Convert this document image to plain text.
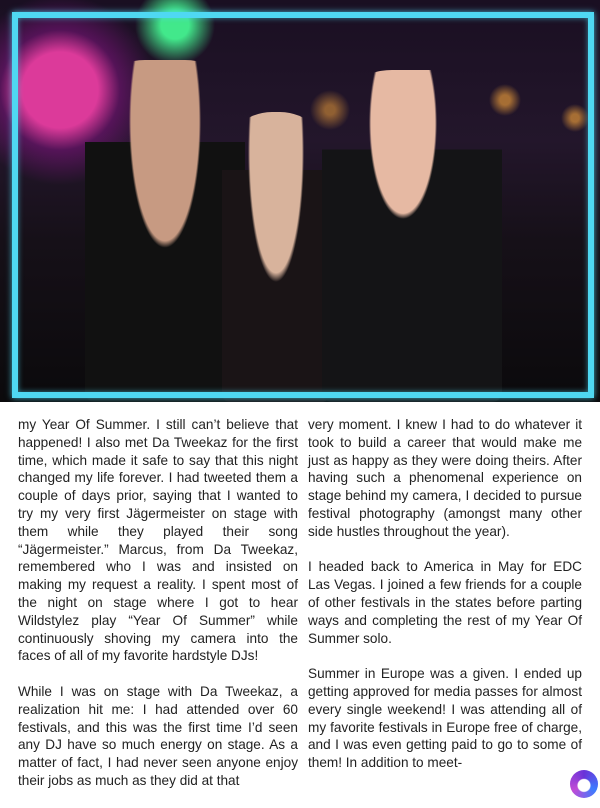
my Year Of Summer. I still can’t believe that happened! I also met Da Tweekaz for the first time, which made it safe to say that this night changed my life forever. I had tweeted them a couple of days prior, saying that I wanted to try my very first Jägermeister on stage with them while they played their song “Jägermeister.” Marcus, from Da Tweekaz, remembered who I was and insisted on making my request a reality. I spent most of the night on stage where I got to hear Wildstylez play “Year Of Summer” while continuously shoving my camera into the faces of all of my favorite hardstyle DJs!

While I was on stage with Da Tweekaz, a realization hit me: I had attended over 60 festivals, and this was the first time I’d seen any DJ have so much energy on stage. As a matter of fact, I had never seen anyone enjoy their jobs as much as they did at that

very moment. I knew I had to do whatever it took to build a career that would make me just as happy as they were doing theirs. After having such a phenomenal experience on stage behind my camera, I decided to pursue festival photography (amongst many other side hustles throughout the year).

I headed back to America in May for EDC Las Vegas. I joined a few friends for a couple of other festivals in the states before parting ways and completing the rest of my Year Of Summer solo.

Summer in Europe was a given. I ended up getting approved for media passes for almost every single weekend! I was attending all of my favorite festivals in Europe free of charge, and I was even getting paid to go to some of them! In addition to meet-
